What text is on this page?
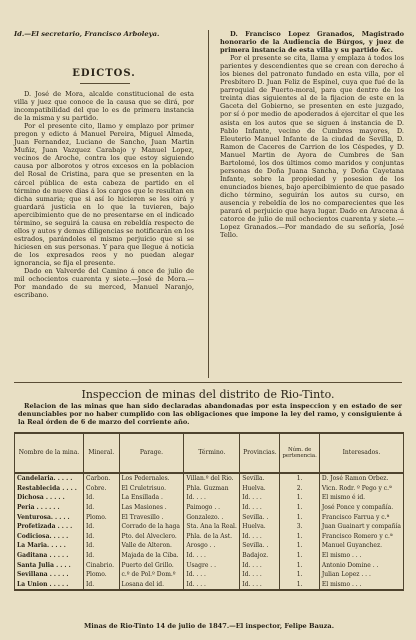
Id.—El secretario, Francisco Arboleya.
EDICTOS.

D. José de Mora, alcalde constitucional de esta villa y juez que conoce de la causa que se dirá, por incompatibilidad del que lo es de primera instancia de la misma y su partido.

Por el presente cito, llamo y emplazo por primer pregon y edicto á Manuel Pereira, Miguel Almeda, Juan Fernandez, Luciano de Sancho, Juan Martin Muñiz, Juan Vazquez Carabajo y Manuel Lopez, vecinos de Aroche, contra los que estoy siguiendo causa por alborotos y otros excesos en la poblacion del Rosal de Cristina, para que se presenten en la cárcel pública de esta cabeza de partido en el término de nueve dias á los cargos que le resultan en dicha sumaria; que si así lo hicieren se les oirá y guardará justicia en lo que la tuvieren, bajo apercibimiento que de no presentarse en el indicado término, se seguirá la causa en rebeldía respecto de ellos y autos y demas diligencias se notificarán en los estrados, parándoles el mismo perjuicio que si se hiciesen en sus personas. Y para que llegue á noticia de los expresados reos y no puedan alegar ignorancia, se fija el presente.

Dado en Valverde del Camino á once de julio de mil ochocientos cuarenta y siete.—José de Mora.—Por mandado de su merced, Manuel Naranjo, escribano.

D. Francisco Lopez Granados, Magistrado honorario de la Audiencia de Búrgos, y juez de primera instancia de esta villa y su partido &c.

Por el presente se cita, llama y emplaza á todos los parientes y descendientes que se crean con derecho á los bienes del patronato fundado en esta villa, por el Presbítero D. Juan Feliz de Espinel, cuya que fué de la parroquial de Puerto-moral, para que dentro de los treinta dias siguientes al de la fijacion de este en la Gaceta del Gobierno, se presenten en este juzgado, por sí ó por medio de apoderados á ejercitar el que les asista en los autos que se siguen á instancia de D. Pablo Infante, vecino de Cumbres mayores, D. Eleuterio Manuel Infante de la ciudad de Sevilla, D. Ramon de Caceres de Carrion de los Céspedes, y D. Manuel Martin de Ayora de Cumbres de San Bartolomé, los dos últimos como maridos y conjuntas personas de Doña Juana Sancha, y Doña Cayetana Infante, sobre la propiedad y posesion de los enunciados bienes, bajo apercibimiento de que pasado dicho término, seguirán los autos su curso, en ausencia y rebeldía de los no comparecientes que les parará el perjuicio que haya lugar. Dado en Aracena á catorce de julio de mil ochocientos cuarenta y siete.—Lopez Granados.—Por mandado de su señoría, José Tello.

Inspeccion de minas del distrito de Rio-Tinto.

Relacion de las minas que han sido declaradas abandonadas por esta inspeccion y en estado de ser denunciables por no haber cumplido con las obligaciones que impone la ley del ramo, y consiguiente á la Real órden de 6 de marzo del corriente año.

Nombre de la mina.	Mineral.	Parage.	Término.	Provincias.	Núm. de pertenencia.	Interesados.
Candelaria. . . . .	Carbon.	Los Pedernales.	Villan.º del Rio.	Sevilla.	1.	D. José Ramon Orbez.
Restablecida . . . .	Cobre.	El Cruletrisuo.	Phla. Guzman	Huelva.	2.	Vicn. Rodr. º Pego y c.ª
Dichosa . . . . .	Id.	La Ensillada .	Id. . . .	Id. . . .	1.	El mismo é id.
Peria . . . . . .	Id.	Las Masiones .	Paimogo . .	Id. . . .	1.	José Ponce y compañía.
Venturosa. . . . .	Plomo.	El Travesillo .	Gonzalezo. .	Sevilla. .	1.	Francisco Farrua y c.ª
Profetizada . . . .	Id.	Corrado de la haga	Sta. Ana la Real.	Huelva.	3.	Juan Guainart y compañía
Codiciosa. . . . .	Id.	Pto. del Alveclero.	Phla. de la Ast.	Id. . . .	1.	Francisco Romero y c.ª
La Maria. . . . .	Id.	Valle de Alteron.	Arosgo . .	Sevilla. .	1.	Manuel Guyanchez.
Gaditana . . . . .	Id.	Majada de la Ciba.	Id. . . .	Badajoz.	1.	El mismo . . .
Santa Julia . . . .	Cinabrio.	Puerto del Grillo.	Usagre . .	Id. . . .	1.	Antonio Domine . .
Sevillana . . . . .	Plomo.	c.º de Pol.º Dom.º	Id. . . .	Id. . . .	1.	Julian Lopez . . .
La Union . . . . .	Id.	Losana del id.	Id. . . .	Id. . . .	1.	El mismo . . .
Minas de Rio-Tinto 14 de julio de 1847.—El inspector, Felipe Bauza.
